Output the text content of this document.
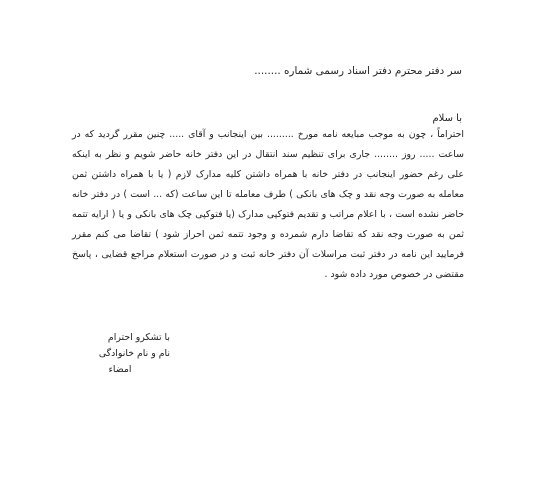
سر دفتر محترم دفتر اسناد رسمی شماره ........
با سلام
احتراماً ، چون به موجب مبایعه نامه مورخ ......... بین اینجانب و آقای ..... چنین مقرر گردید که در ساعت ..... روز ........ جاری برای تنظیم سند انتقال در این دفتر خانه حاضر شویم و نظر به اینکه علی رغم حضور اینجانب در دفتر خانه با همراه داشتن کلیه مدارک لازم ( یا با همراه داشتن ثمن معامله به صورت وجه نقد و چک های بانکی ) طرف معامله تا این ساعت (که ... است ) در دفتر خانه حاضر نشده است ، با اعلام مراتب و تقدیم فتوکپی مدارک (یا فتوکپی چک های بانکی و یا ( ارایه تتمه ثمن به صورت وجه نقد که تقاضا دارم شمرده و وجود تتمه ثمن احراز شود ) تقاضا می کنم مقرر فرمایید این نامه در دفتر ثبت مراسلات آن دفتر خانه ثبت و در صورت استعلام مراجع قضایی ، پاسخ مقتضی در خصوص مورد داده شود .
با تشکرو احترام
نام و نام خانوادگی
امضاء
